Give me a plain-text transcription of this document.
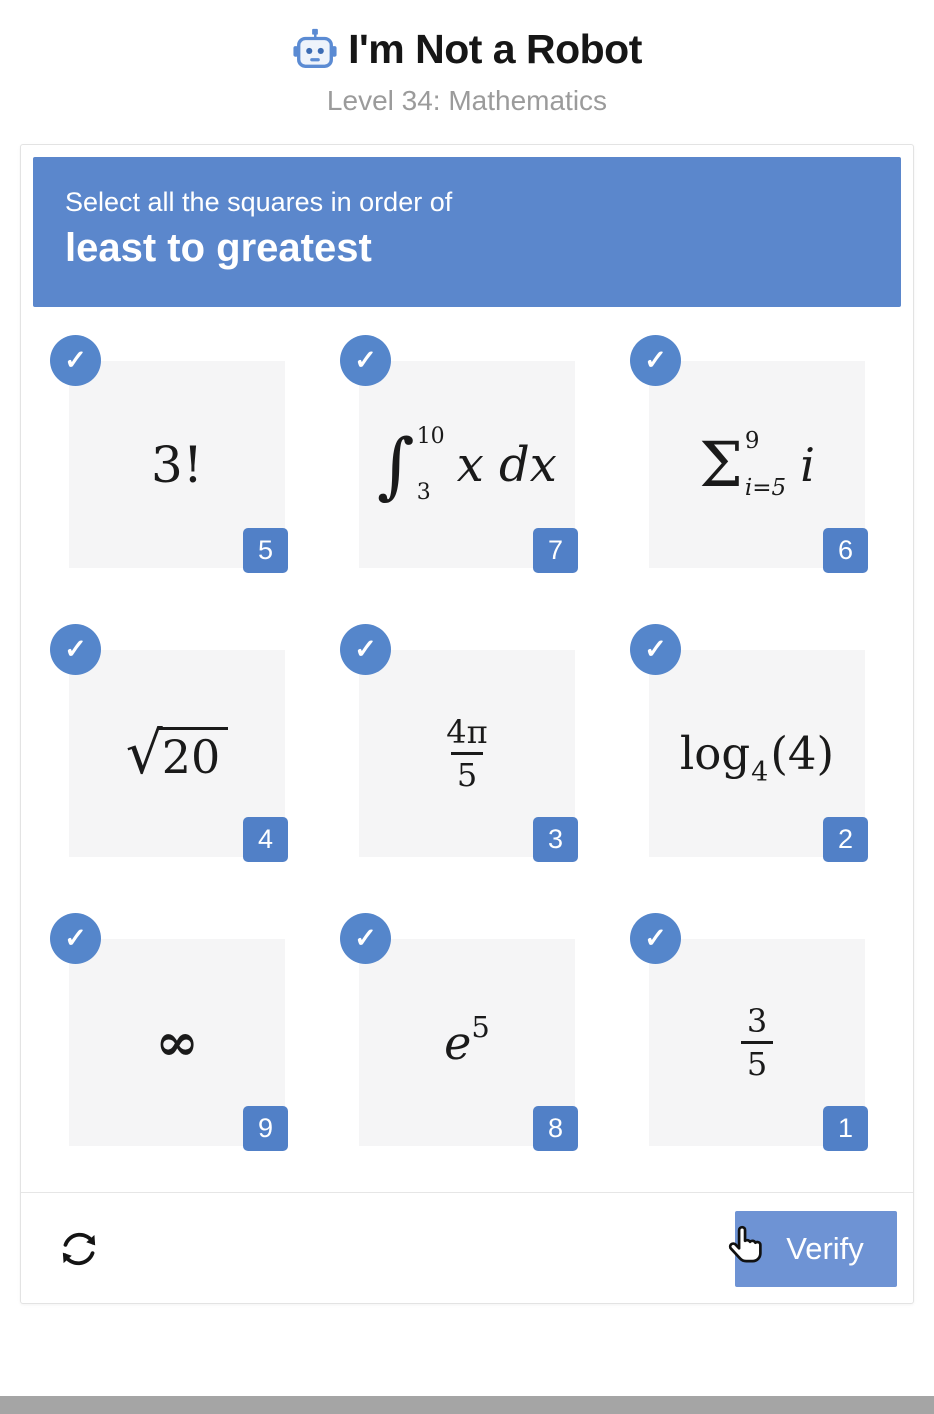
I'm Not a Robot
Level 34: Mathematics
Select all the squares in order of
least to greatest
3!
✓
5
∫ 10
3 x dx
✓
7
Σ 9
i=5 i
✓
6
√ 20
✓
4
$\frac{4\pi}{5}$
✓
3
log 4 (4)
✓
2
∞
✓
9
e 5
✓
8
$\frac{3}{5}$
✓
1
Verify
